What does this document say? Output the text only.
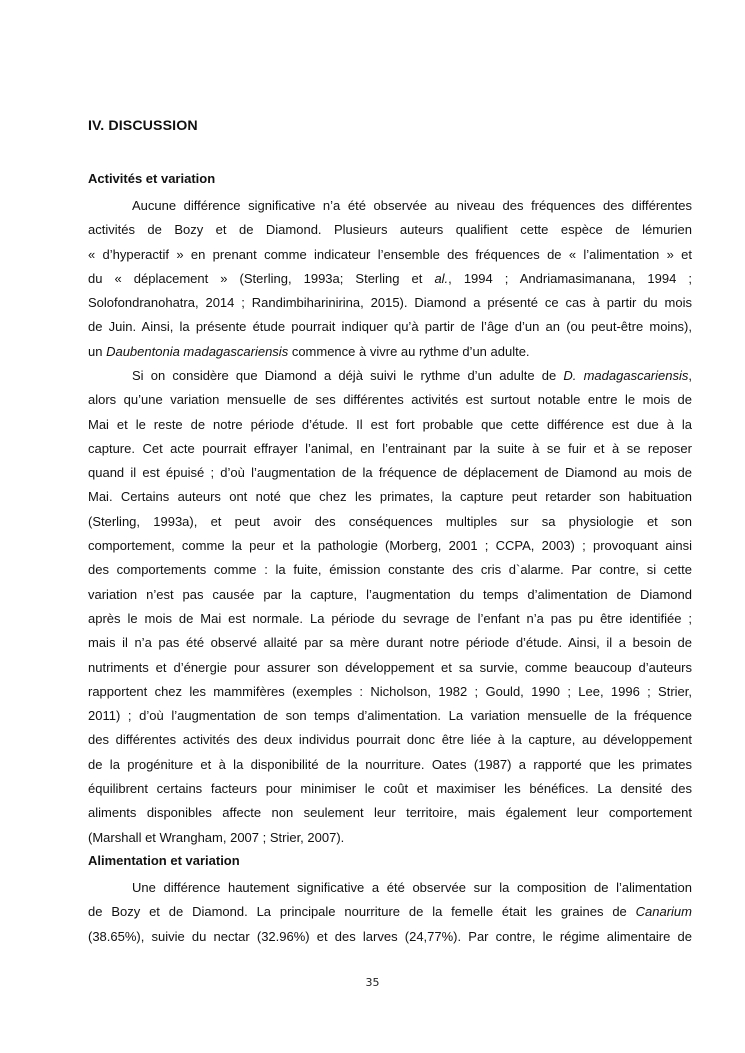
IV. DISCUSSION
Activités et variation
Aucune différence significative n’a été observée au niveau des fréquences des différentes
activités de Bozy et de Diamond. Plusieurs auteurs qualifient cette espèce de lémurien
« d’hyperactif » en prenant comme indicateur l’ensemble des fréquences de « l’alimentation » et
du « déplacement » (Sterling, 1993a; Sterling et al., 1994 ; Andriamasimanana, 1994 ;
Solofondranohatra, 2014 ; Randimbiharinirina, 2015). Diamond a présenté ce cas à partir du mois
de Juin. Ainsi, la présente étude pourrait indiquer qu’à partir de l’âge d’un an (ou peut-être moins),
un Daubentonia madagascariensis commence à vivre au rythme d’un adulte.
Si on considère que Diamond a déjà suivi le rythme d’un adulte de D. madagascariensis,
alors qu’une variation mensuelle de ses différentes activités est surtout notable entre le mois de
Mai et le reste de notre période d’étude. Il est fort probable que cette différence est due à la
capture. Cet acte pourrait effrayer l’animal, en l’entrainant par la suite à se fuir et à se reposer
quand il est épuisé ; d’où l’augmentation de la fréquence de déplacement de Diamond au mois de
Mai. Certains auteurs ont noté que chez les primates, la capture peut retarder son habituation
(Sterling, 1993a), et peut avoir des conséquences multiples sur sa physiologie et son
comportement, comme la peur et la pathologie (Morberg, 2001 ; CCPA, 2003) ; provoquant ainsi
des comportements comme : la fuite, émission constante des cris d`alarme. Par contre, si cette
variation n’est pas causée par la capture, l’augmentation du temps d’alimentation de Diamond
après le mois de Mai est normale. La période du sevrage de l’enfant n’a pas pu être identifiée ;
mais il n’a pas été observé allaité par sa mère durant notre période d’étude. Ainsi, il a besoin de
nutriments et d’énergie pour assurer son développement et sa survie, comme beaucoup d’auteurs
rapportent chez les mammifères (exemples : Nicholson, 1982 ; Gould, 1990 ; Lee, 1996 ; Strier,
2011) ; d’où l’augmentation de son temps d’alimentation. La variation mensuelle de la fréquence
des différentes activités des deux individus pourrait donc être liée à la capture, au développement
de la progéniture et à la disponibilité de la nourriture. Oates (1987) a rapporté que les primates
équilibrent certains facteurs pour minimiser le coût et maximiser les bénéfices. La densité des
aliments disponibles affecte non seulement leur territoire, mais également leur comportement
(Marshall et Wrangham, 2007 ; Strier, 2007).
Alimentation et variation
Une différence hautement significative a été observée sur la composition de l’alimentation
de Bozy et de Diamond. La principale nourriture de la femelle était les graines de Canarium
(38.65%), suivie du nectar (32.96%) et des larves (24,77%). Par contre, le régime alimentaire de
35
